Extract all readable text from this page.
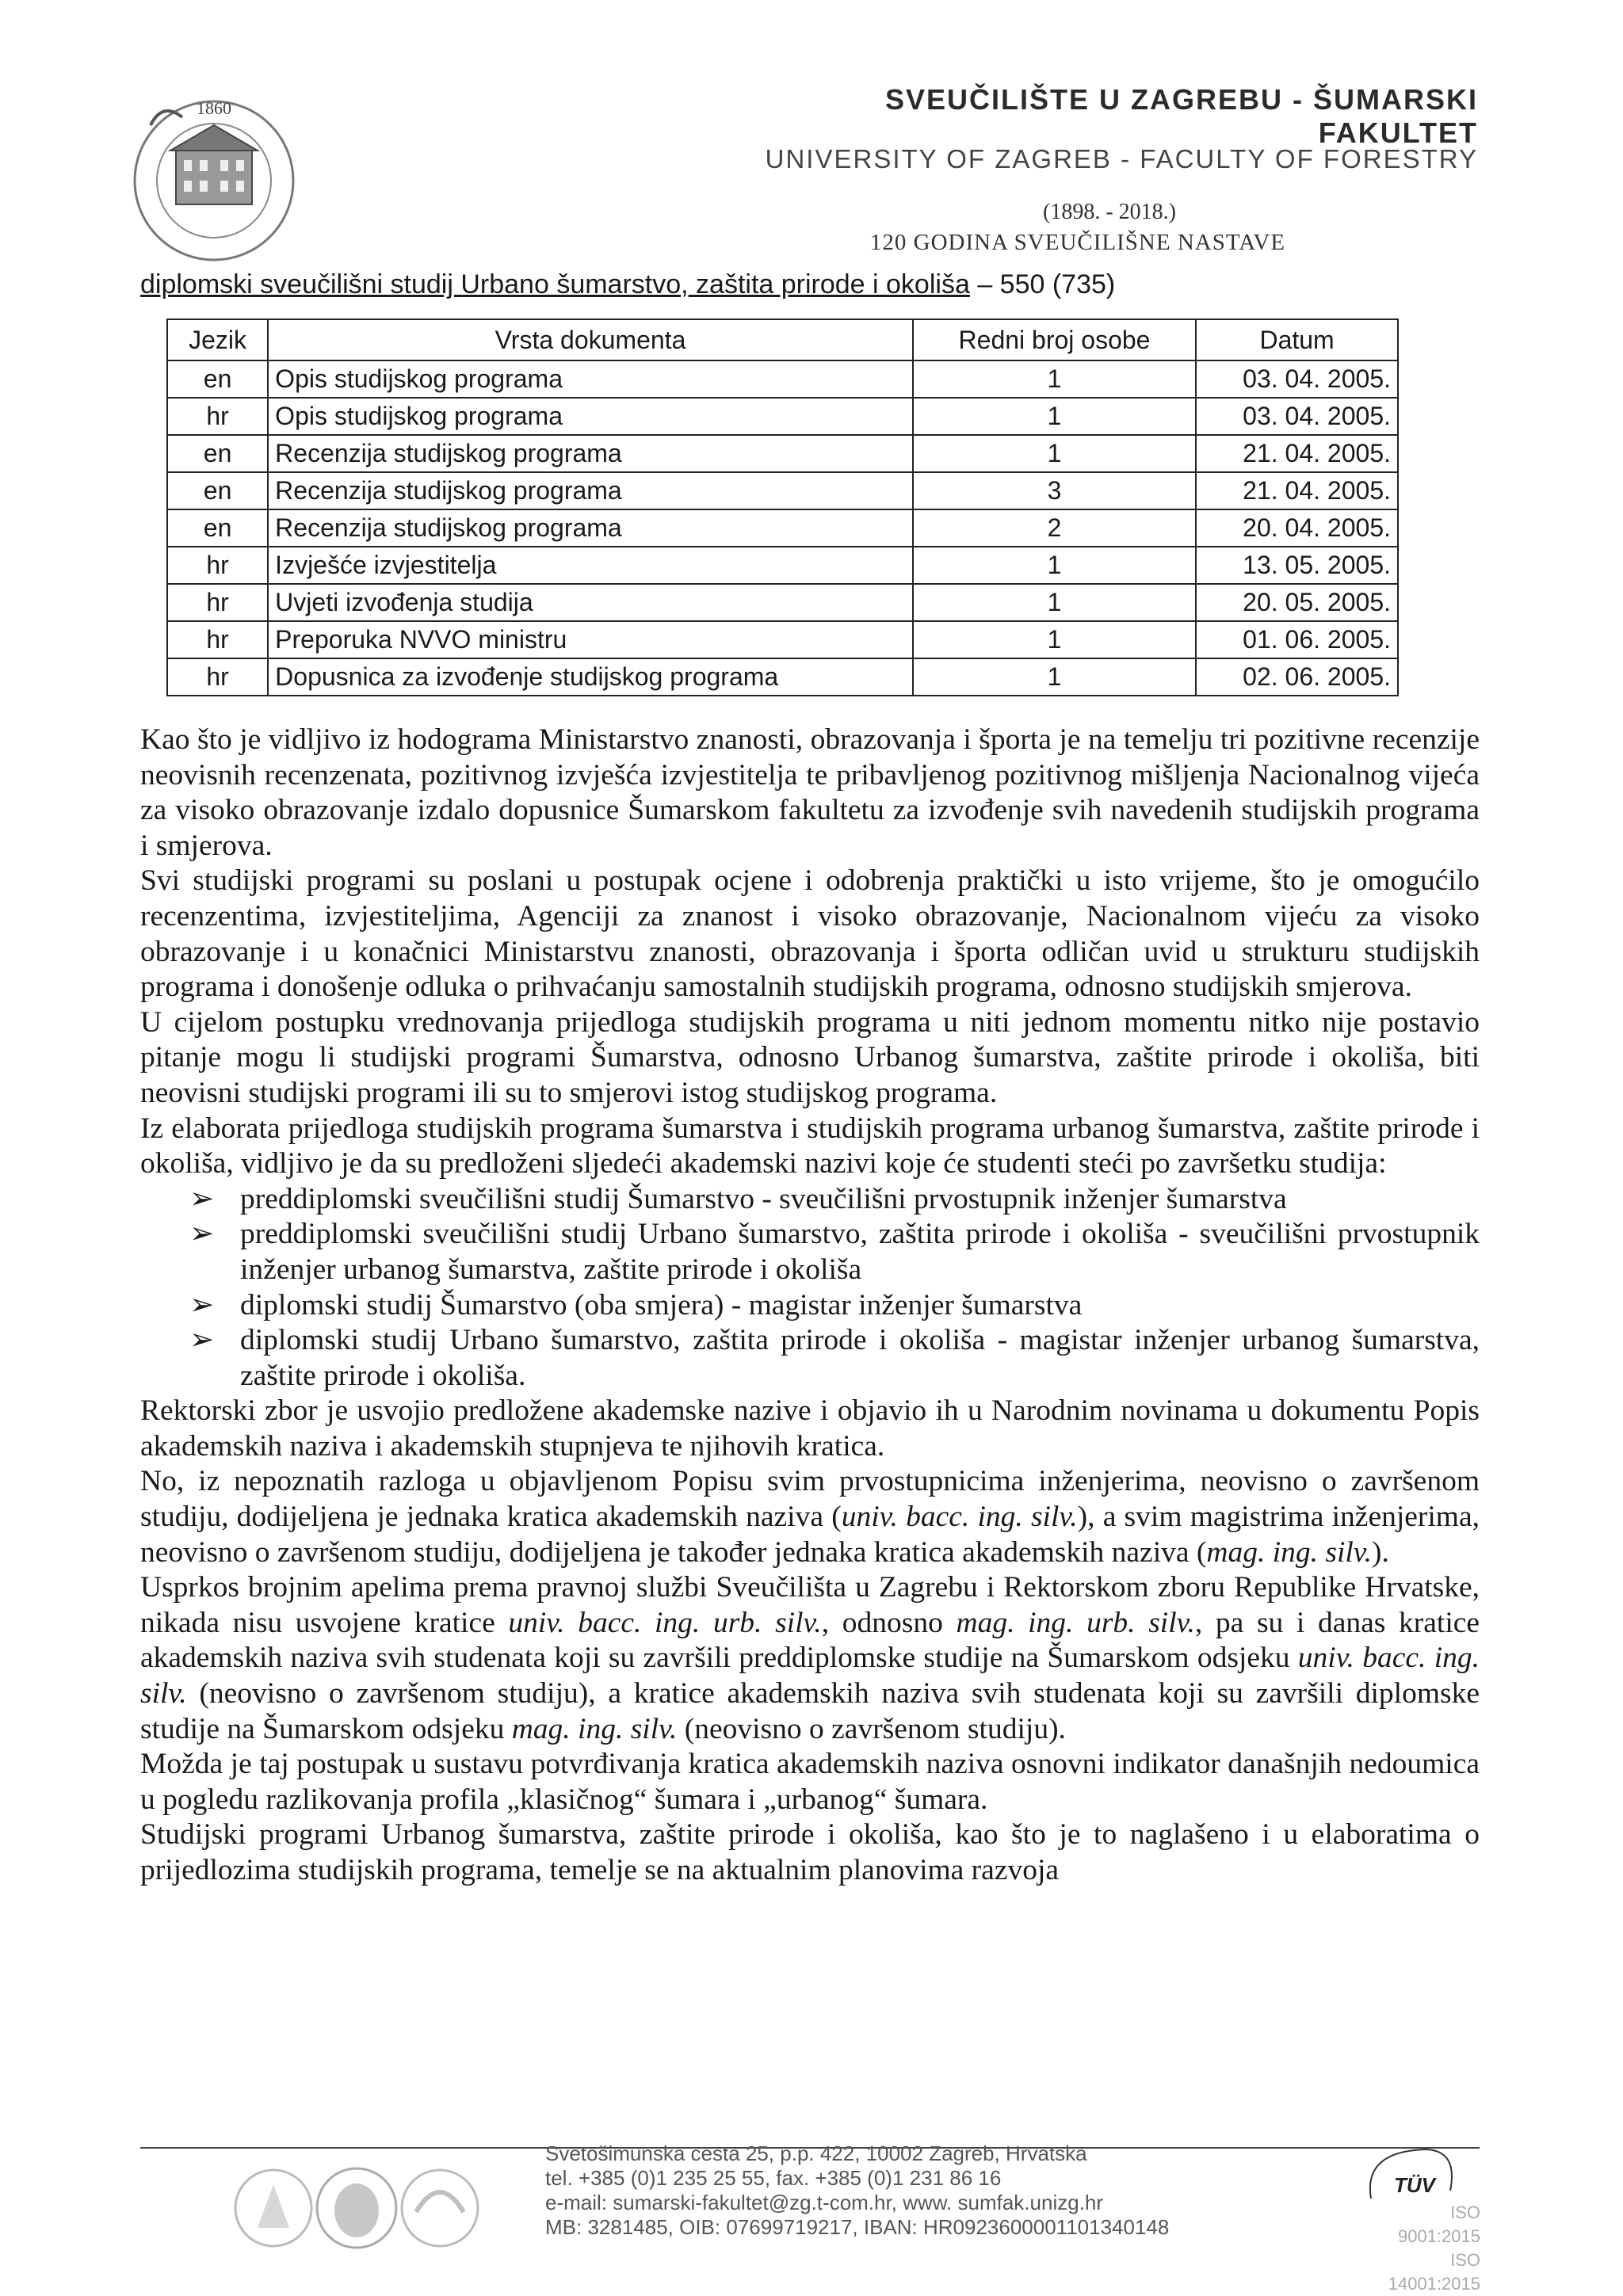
1860	SVEUČILIŠTE U ZAGREBU - ŠUMARSKI FAKULTET
UNIVERSITY OF ZAGREB - FACULTY OF FORESTRY
(1898. - 2018.)
120 GODINA SVEUČILIŠNE NASTAVE
diplomski sveučilišni studij Urbano šumarstvo, zaštita prirode i okoliša – 550 (735)
Jezik	Vrsta dokumenta	Redni broj osobe	Datum
en	Opis studijskog programa	1	03. 04. 2005.
hr	Opis studijskog programa	1	03. 04. 2005.
en	Recenzija studijskog programa	1	21. 04. 2005.
en	Recenzija studijskog programa	3	21. 04. 2005.
en	Recenzija studijskog programa	2	20. 04. 2005.
hr	Izvješće izvjestitelja	1	13. 05. 2005.
hr	Uvjeti izvođenja studija	1	20. 05. 2005.
hr	Preporuka NVVO ministru	1	01. 06. 2005.
hr	Dopusnica za izvođenje studijskog programa	1	02. 06. 2005.

Kao što je vidljivo iz hodograma Ministarstvo znanosti, obrazovanja i športa je na temelju tri pozitivne recenzije neovisnih recenzenata, pozitivnog izvješća izvjestitelja te pribavljenog pozitivnog mišljenja Nacionalnog vijeća za visoko obrazovanje izdalo dopusnice Šumarskom fakultetu za izvođenje svih navedenih studijskih programa i smjerova.

Svi studijski programi su poslani u postupak ocjene i odobrenja praktički u isto vrijeme, što je omogućilo recenzentima, izvjestiteljima, Agenciji za znanost i visoko obrazovanje, Nacionalnom vijeću za visoko obrazovanje i u konačnici Ministarstvu znanosti, obrazovanja i športa odličan uvid u strukturu studijskih programa i donošenje odluka o prihvaćanju samostalnih studijskih programa, odnosno studijskih smjerova.

U cijelom postupku vrednovanja prijedloga studijskih programa u niti jednom momentu nitko nije postavio pitanje mogu li studijski programi Šumarstva, odnosno Urbanog šumarstva, zaštite prirode i okoliša, biti neovisni studijski programi ili su to smjerovi istog studijskog programa.

Iz elaborata prijedloga studijskih programa šumarstva i studijskih programa urbanog šumarstva, zaštite prirode i okoliša, vidljivo je da su predloženi sljedeći akademski nazivi koje će studenti steći po završetku studija:

➢ preddiplomski sveučilišni studij Šumarstvo - sveučilišni prvostupnik inženjer šumarstva
➢ preddiplomski sveučilišni studij Urbano šumarstvo, zaštita prirode i okoliša - sveučilišni prvostupnik inženjer urbanog šumarstva, zaštite prirode i okoliša
➢ diplomski studij Šumarstvo (oba smjera) - magistar inženjer šumarstva
➢ diplomski studij Urbano šumarstvo, zaštita prirode i okoliša - magistar inženjer urbanog šumarstva, zaštite prirode i okoliša.

Rektorski zbor je usvojio predložene akademske nazive i objavio ih u Narodnim novinama u dokumentu Popis akademskih naziva i akademskih stupnjeva te njihovih kratica.

No, iz nepoznatih razloga u objavljenom Popisu svim prvostupnicima inženjerima, neovisno o završenom studiju, dodijeljena je jednaka kratica akademskih naziva (univ. bacc. ing. silv.), a svim magistrima inženjerima, neovisno o završenom studiju, dodijeljena je također jednaka kratica akademskih naziva (mag. ing. silv.).

Usprkos brojnim apelima prema pravnoj službi Sveučilišta u Zagrebu i Rektorskom zboru Republike Hrvatske, nikada nisu usvojene kratice univ. bacc. ing. urb. silv., odnosno mag. ing. urb. silv., pa su i danas kratice akademskih naziva svih studenata koji su završili preddiplomske studije na Šumarskom odsjeku univ. bacc. ing. silv. (neovisno o završenom studiju), a kratice akademskih naziva svih studenata koji su završili diplomske studije na Šumarskom odsjeku mag. ing. silv. (neovisno o završenom studiju).

Možda je taj postupak u sustavu potvrđivanja kratica akademskih naziva osnovni indikator današnjih nedoumica u pogledu razlikovanja profila „klasičnog“ šumara i „urbanog“ šumara.

Studijski programi Urbanog šumarstva, zaštite prirode i okoliša, kao što je to naglašeno i u elaboratima o prijedlozima studijskih programa, temelje se na aktualnim planovima razvoja

Svetošimunska cesta 25, p.p. 422, 10002 Zagreb, Hrvatska
tel. +385 (0)1 235 25 55, fax. +385 (0)1 231 86 16
e-mail: sumarski-fakultet@zg.t-com.hr, www. sumfak.unizg.hr
MB: 3281485, OIB: 07699719217, IBAN: HR0923600001101340148
TÜV
ISO 9001:2015
ISO 14001:2015
